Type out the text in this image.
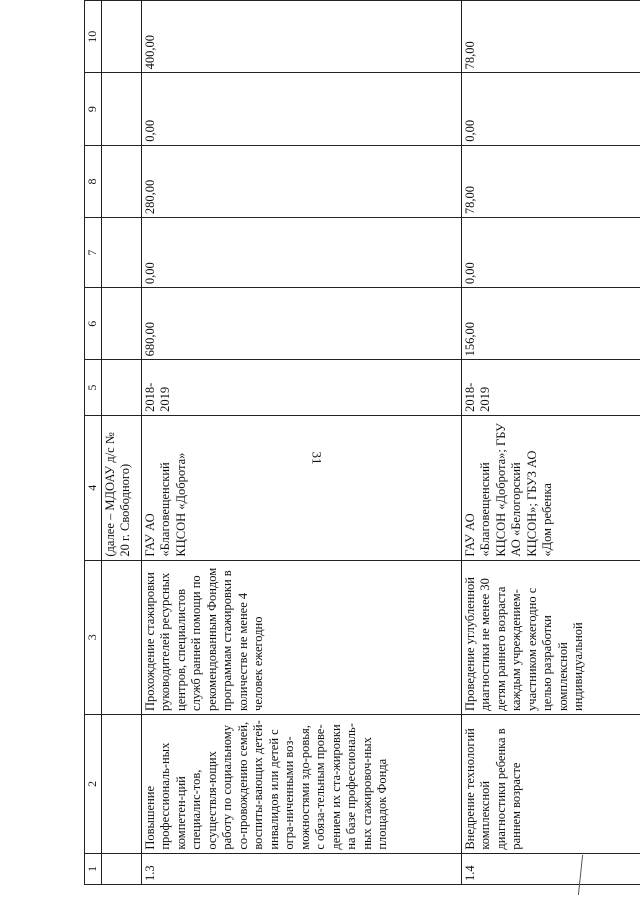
31
1	2	3	4	5	6	7	8	9	10
			(далее – МДОАУ д/с № 20 г. Свободного)						
1.3	Повышение профессиональ-ных компетен-ций специалис-тов, осуществля-ющих работу по социальному со-провождению семей, воспиты-вающих детей-инвалидов или детей с огра-ниченными воз-можностями здо-ровья, с обяза-тельным прове-дением их ста-жировки на базе профессиональ-ных стажировоч-ных площадок Фонда	Прохождение стажировки руководителей ресурсных центров, специалистов служб ранней помощи по рекомендованным Фондом программам стажировки в количестве не менее 4 человек ежегодно	ГАУ АО «Благовещенский КЦСОН «Доброта»	2018-2019	680,00	0,00	280,00	0,00	400,00
1.4	Внедрение технологий комплексной диагностики ребенка в раннем возрасте	Проведение углубленной диагностики не менее 30 детям раннего возраста каждым учреждением-участником ежегодно с целью разработки комплексной индивидуальной	ГАУ АО «Благовещенский КЦСОН «Доброта»; ГБУ АО «Белогорский КЦСОН»; ГБУЗ АО «Дом ребенка	2018-2019	156,00	0,00	78,00	0,00	78,00
